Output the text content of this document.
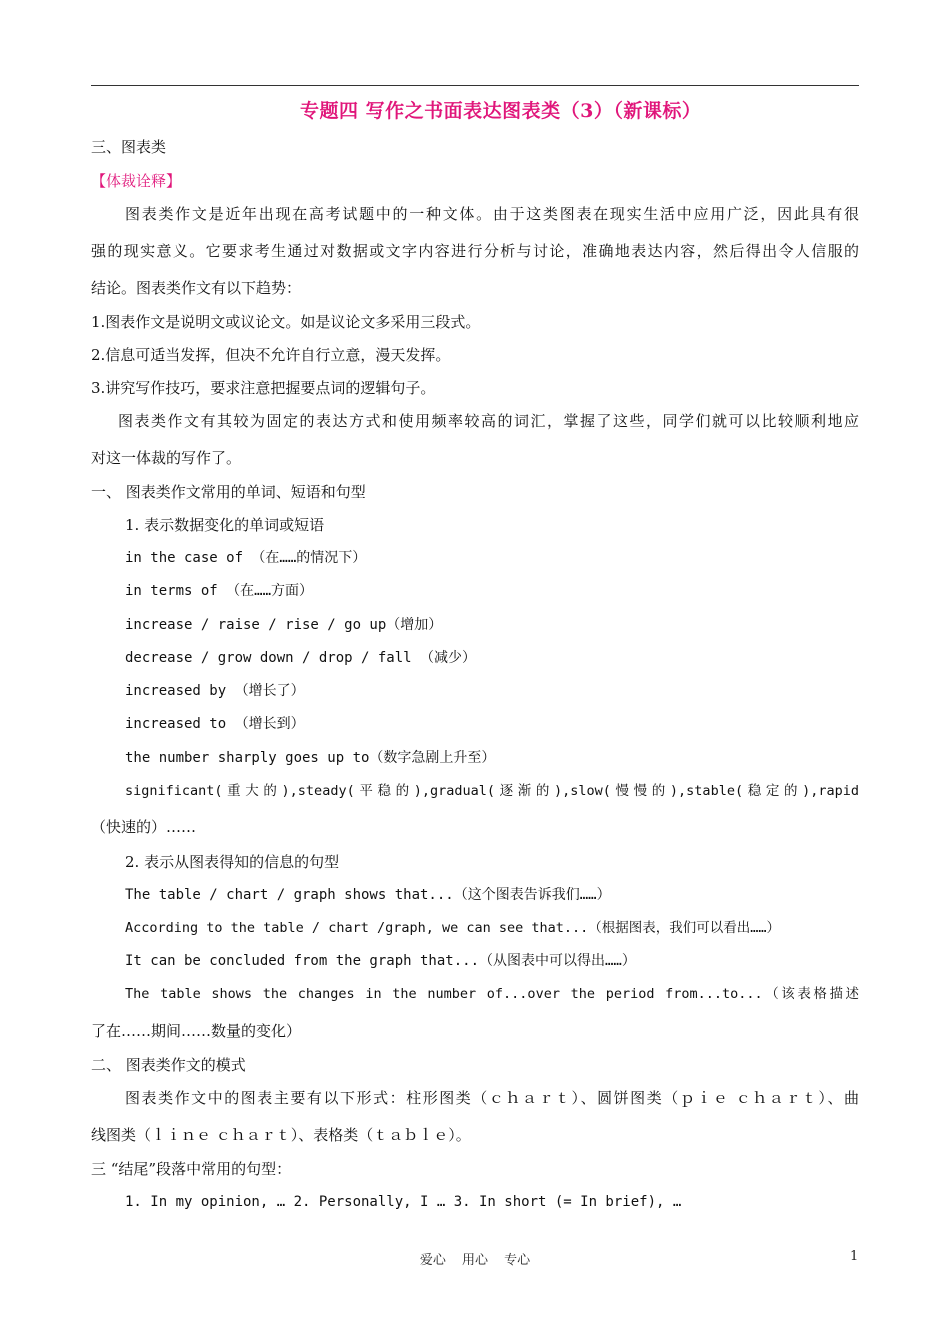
专题四 写作之书面表达图表类（3）（新课标）
三、图表类
【体裁诠释】
图表类作文是近年出现在高考试题中的一种文体。由于这类图表在现实生活中应用广泛，因此具有很
强的现实意义。它要求考生通过对数据或文字内容进行分析与讨论，准确地表达内容，然后得出令人信服的
结论。图表类作文有以下趋势：
1.图表作文是说明文或议论文。如是议论文多采用三段式。
2.信息可适当发挥，但决不允许自行立意，漫天发挥。
3.讲究写作技巧，要求注意把握要点词的逻辑句子。
图表类作文有其较为固定的表达方式和使用频率较高的词汇，掌握了这些，同学们就可以比较顺利地应
对这一体裁的写作了。
一、 图表类作文常用的单词、短语和句型
1. 表示数据变化的单词或短语
in the case of （在……的情况下）
in terms of （在……方面）
increase / raise / rise / go up（增加）
decrease / grow down / drop / fall （减少）
increased by （增长了）
increased to （增长到）
the number sharply goes up to（数字急剧上升至）
significant(重大的),steady(平稳的),gradual(逐渐的),slow(慢慢的),stable(稳定的),rapid
（快速的）……
2. 表示从图表得知的信息的句型
The table / chart / graph shows that...（这个图表告诉我们……）
According to the table / chart /graph, we can see that...（根据图表，我们可以看出……）
It can be concluded from the graph that...（从图表中可以得出……）
The table shows the changes in the number of...over the period from...to...（该表格描述
了在……期间……数量的变化）
二、 图表类作文的模式
图表类作文中的图表主要有以下形式：柱形图类（ｃｈａｒｔ）、圆饼图类（ｐｉｅ ｃｈａｒｔ）、曲
线图类（ｌｉｎｅ ｃｈａｒｔ）、表格类（ｔａｂｌｅ）。
三 “结尾”段落中常用的句型：
1. In my opinion, … 2. Personally, I … 3. In short (= In brief), …
爱心 用心 专心	1
